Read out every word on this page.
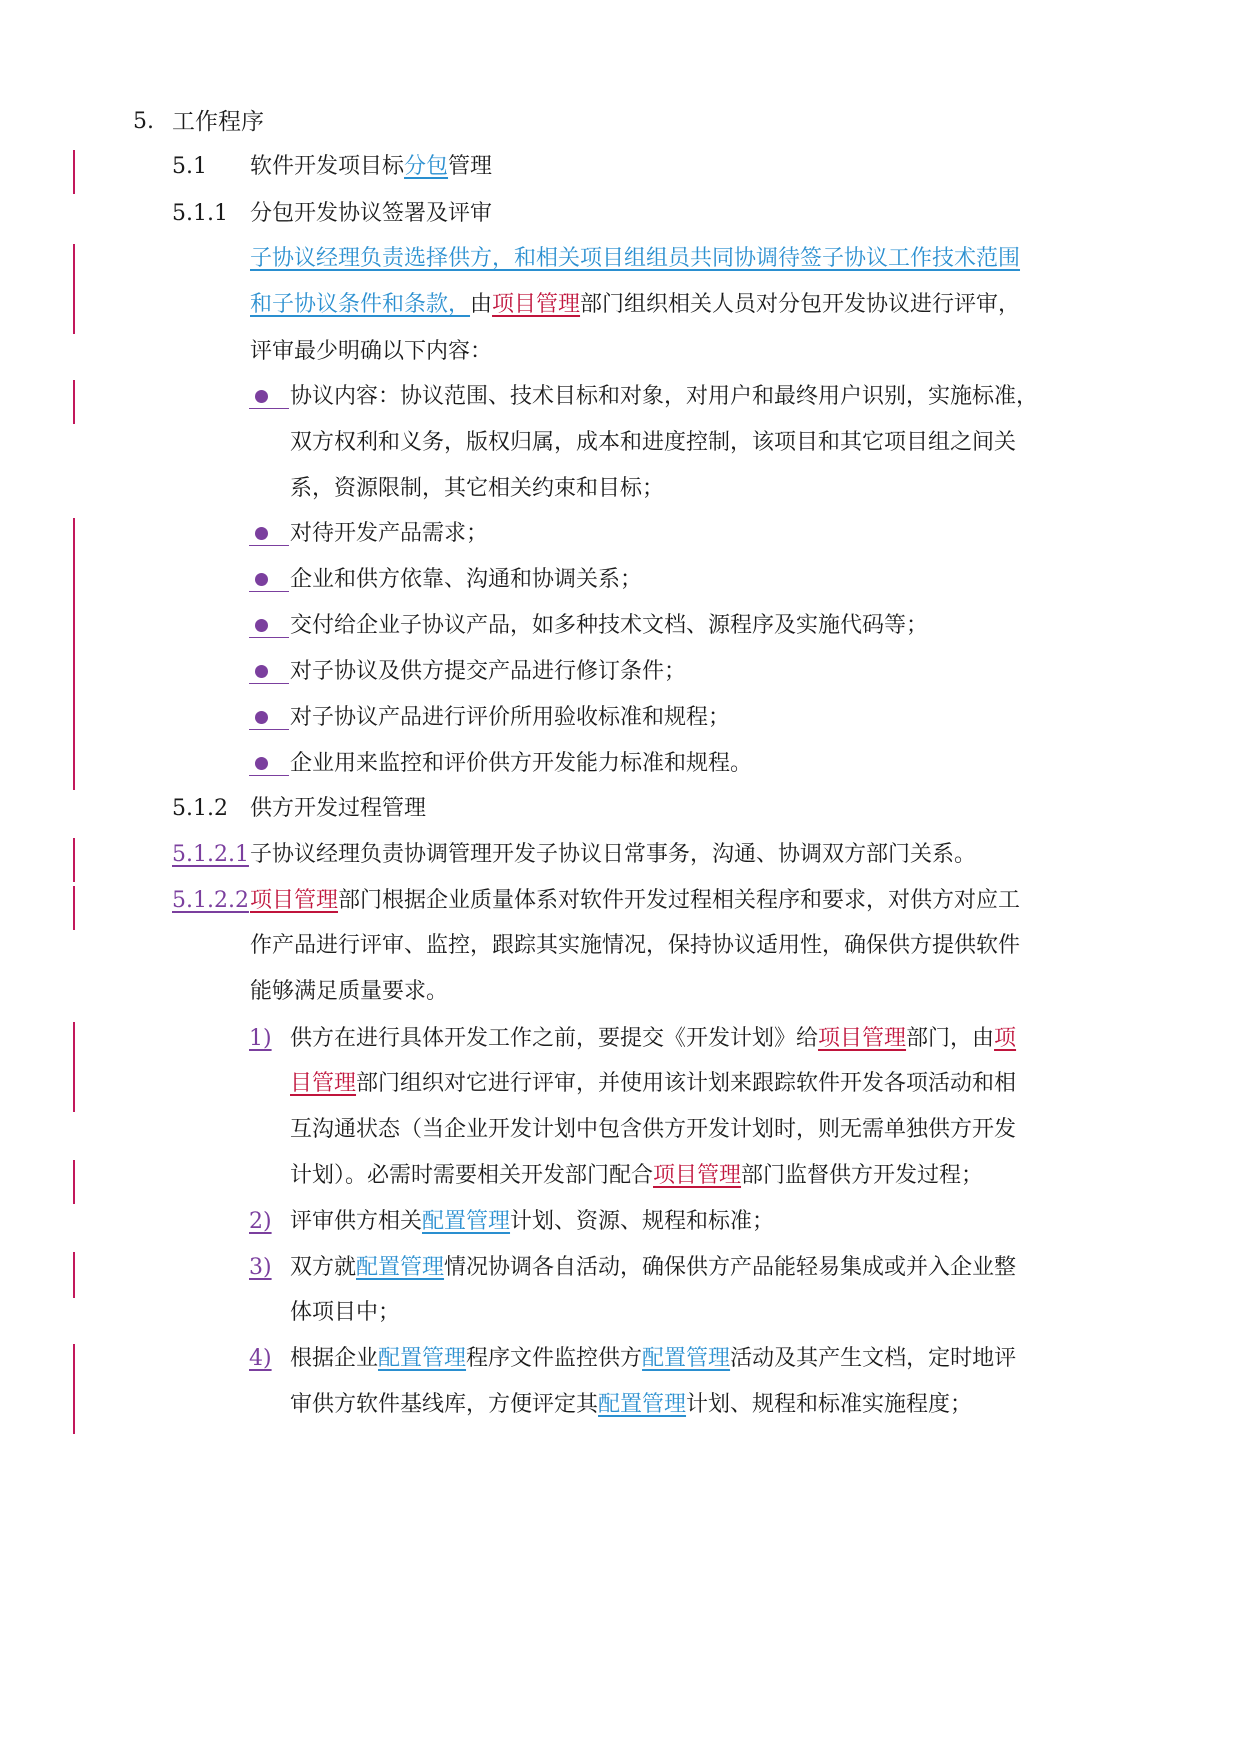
5. 工作程序
5.1 软件开发项目标分包管理
5.1.1 分包开发协议签署及评审
子协议经理负责选择供方，和相关项目组组员共同协调待签子协议工作技术范围
和子协议条件和条款，由项目管理部门组织相关人员对分包开发协议进行评审，
评审最少明确以下内容：
协议内容：协议范围、技术目标和对象，对用户和最终用户识别，实施标准，
双方权利和义务，版权归属，成本和进度控制，该项目和其它项目组之间关
系，资源限制，其它相关约束和目标；
对待开发产品需求；
企业和供方依靠、沟通和协调关系；
交付给企业子协议产品，如多种技术文档、源程序及实施代码等；
对子协议及供方提交产品进行修订条件；
对子协议产品进行评价所用验收标准和规程；
企业用来监控和评价供方开发能力标准和规程。
5.1.2 供方开发过程管理
5.1.2.1 子协议经理负责协调管理开发子协议日常事务，沟通、协调双方部门关系。
5.1.2.2 项目管理部门根据企业质量体系对软件开发过程相关程序和要求，对供方对应工
作产品进行评审、监控，跟踪其实施情况，保持协议适用性，确保供方提供软件
能够满足质量要求。
1) 供方在进行具体开发工作之前，要提交《开发计划》给项目管理部门，由项
目管理部门组织对它进行评审，并使用该计划来跟踪软件开发各项活动和相
互沟通状态（当企业开发计划中包含供方开发计划时，则无需单独供方开发
计划）。必需时需要相关开发部门配合项目管理部门监督供方开发过程；
2) 评审供方相关配置管理计划、资源、规程和标准；
3) 双方就配置管理情况协调各自活动，确保供方产品能轻易集成或并入企业整
体项目中；
4) 根据企业配置管理程序文件监控供方配置管理活动及其产生文档，定时地评
审供方软件基线库，方便评定其配置管理计划、规程和标准实施程度；
